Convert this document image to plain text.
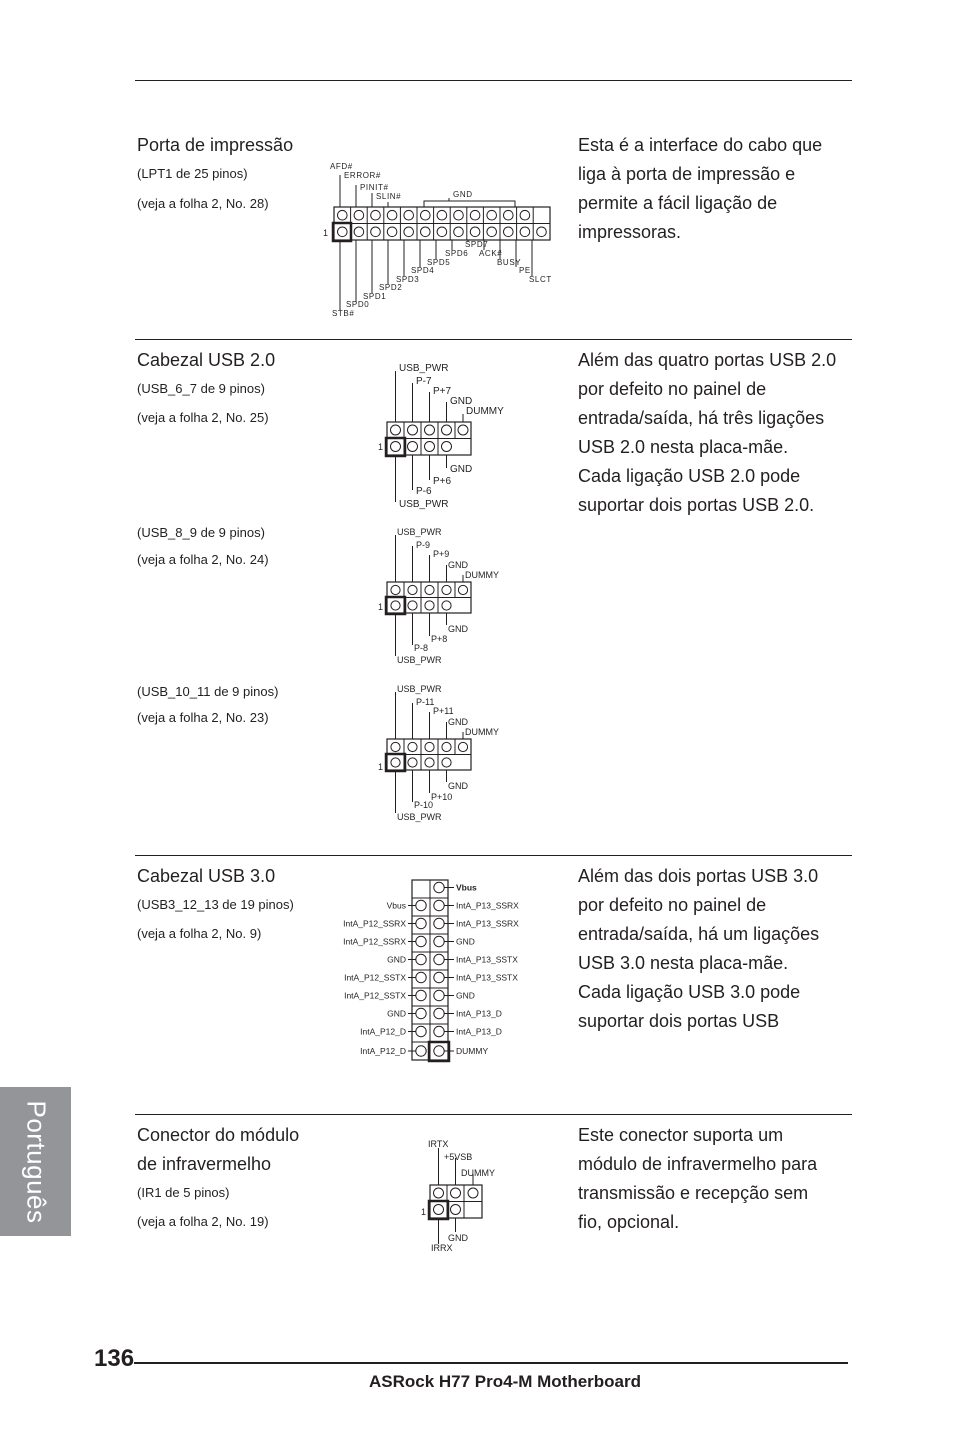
Porta de impressão
(LPT1 de 25 pinos)
(veja a folha 2, No. 28)
Esta é a interface do cabo que
liga à porta de impressão e
permite a fácil ligação de
impressoras.
1
AFD#
ERROR#
PINIT#
SLIN#	GND
SPD7
SPD6 ACK#
SPD5	BUSY
SPD4	PE
SPD3	SLCT
SPD2
SPD1
SPD0
STB#
Cabezal USB 2.0
(USB_6_7 de 9 pinos)
(veja a folha 2, No. 25)
Além das quatro portas USB 2.0
por defeito no painel de
entrada/saída, há três ligações
USB 2.0 nesta placa-mãe.
Cada ligação USB 2.0 pode
suportar dois portas USB 2.0.
1
USB_PWR
P-7
P+7
GND
DUMMY
GND
P+6
P-6
USB_PWR
(USB_8_9 de 9 pinos)
(veja a folha 2, No. 24)
1
USB_PWR
P-9
P+9
GND
DUMMY
GND
P+8
P-8
USB_PWR
(USB_10_11 de 9 pinos)
(veja a folha 2, No. 23)
1
USB_PWR
P-11
P+11
GND
DUMMY
GND
P+10
P-10
USB_PWR
Cabezal USB 3.0
(USB3_12_13 de 19 pinos)
(veja a folha 2, No. 9)
Além das dois portas USB 3.0
por defeito no painel de
entrada/saída, há um ligações
USB 3.0 nesta placa-mãe.
Cada ligação USB 3.0 pode
suportar dois portas USB
Vbus
Vbus	IntA_P13_SSRX
IntA_P12_SSRX	IntA_P13_SSRX
IntA_P12_SSRX	GND
GND	IntA_P13_SSTX
IntA_P12_SSTX	IntA_P13_SSTX
IntA_P12_SSTX	GND
GND	IntA_P13_D
IntA_P12_D	IntA_P13_D
IntA_P12_D	DUMMY
Conector do módulo
de infravermelho
(IR1 de 5 pinos)
(veja a folha 2, No. 19)
Este conector suporta um
módulo de infravermelho para
transmissão e recepção sem
fio, opcional.
1
IRTX
+5VSB
DUMMY
GND
IRRX
Português
136
ASRock H77 Pro4-M Motherboard
